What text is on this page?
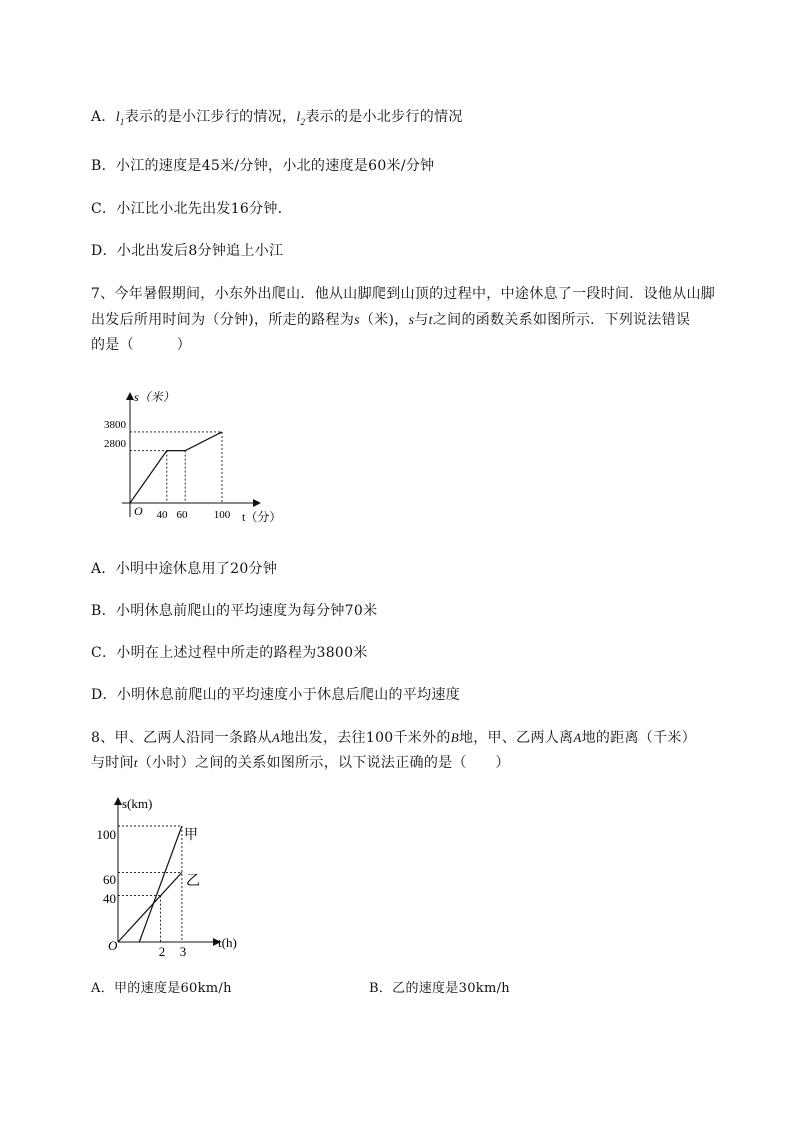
A．$l_1$表示的是小江步行的情况，$l_2$表示的是小北步行的情况
B．小江的速度是45米/分钟，小北的速度是60米/分钟
C．小江比小北先出发16分钟．
D．小北出发后8分钟追上小江
7、今年暑假期间，小东外出爬山．他从山脚爬到山顶的过程中，中途休息了一段时间．设他从山脚
出发后所用时间为（分钟)，所走的路程为s（米)，s与t之间的函数关系如图所示．下列说法错误
的是（　　　）
s（米）
t（分）
O 40 60 100
2800
3800
A．小明中途休息用了20分钟
B．小明休息前爬山的平均速度为每分钟70米
C．小明在上述过程中所走的路程为3800米
D．小明休息前爬山的平均速度小于休息后爬山的平均速度
8、甲、乙两人沿同一条路从A地出发，去往100千米外的B地，甲、乙两人离A地的距离（千米）
与时间t（小时）之间的关系如图所示，以下说法正确的是（　　）
s(km)
t(h)
O
100
60
40
2 3
甲
乙
A．甲的速度是60km/h	B．乙的速度是30km/h
